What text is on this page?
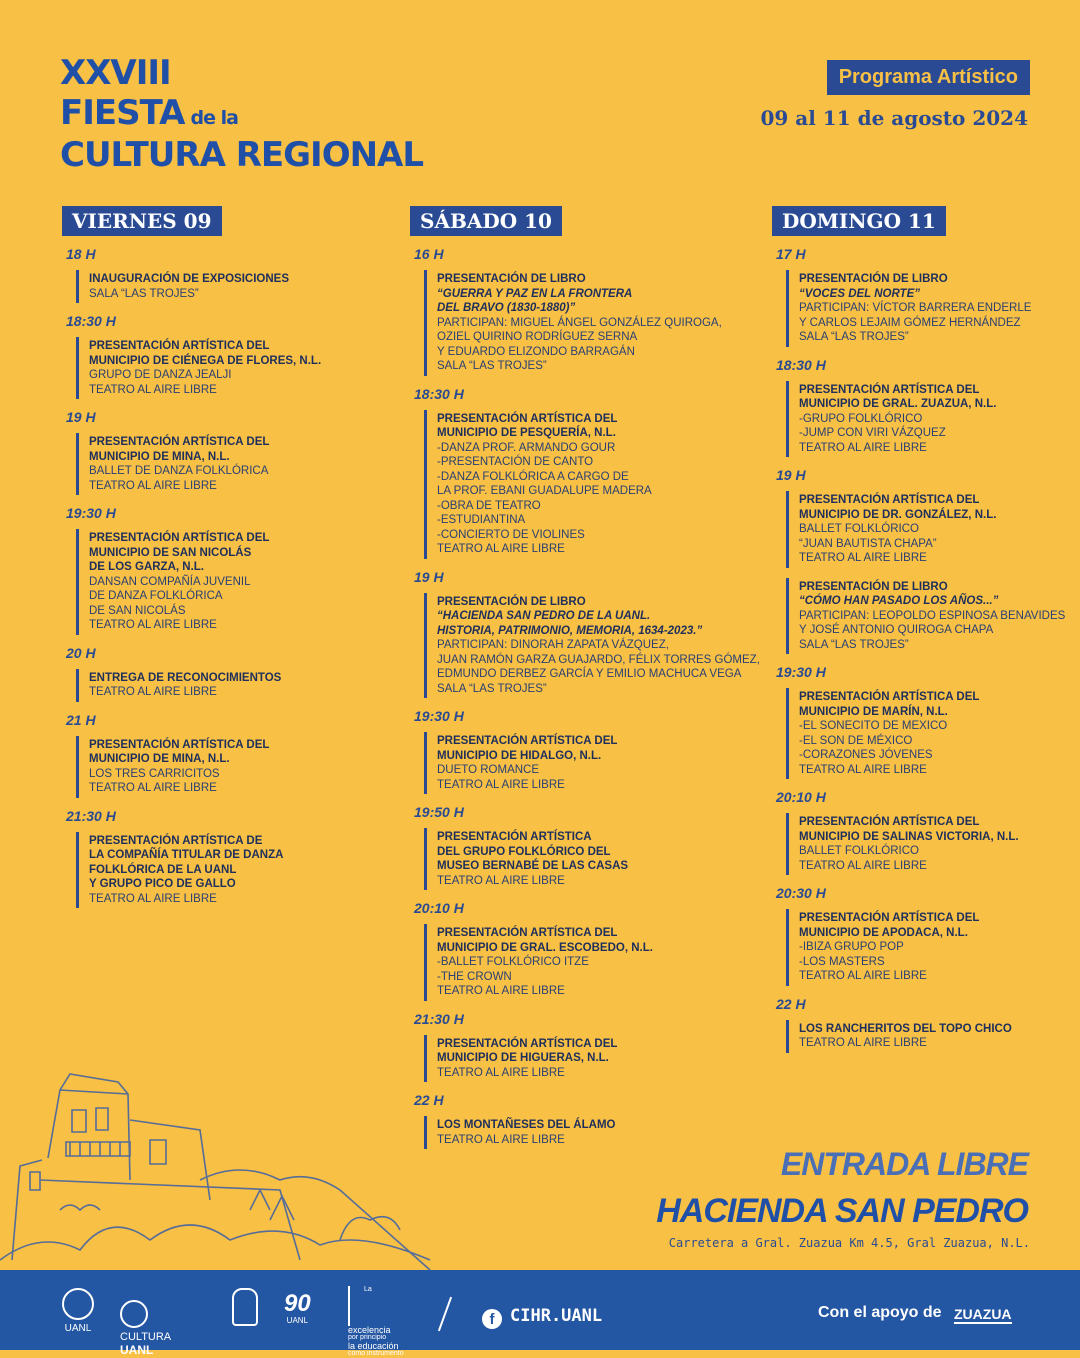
XXVIII
FIESTA de la
CULTURA REGIONAL
Programa Artístico
09 al 11 de agosto 2024
VIERNES 09
18 H
INAUGURACIÓN DE EXPOSICIONES
SALA “LAS TROJES”
18:30 H
PRESENTACIÓN ARTÍSTICA DEL
MUNICIPIO DE CIÉNEGA DE FLORES, N.L.
GRUPO DE DANZA JEALJI
TEATRO AL AIRE LIBRE
19 H
PRESENTACIÓN ARTÍSTICA DEL
MUNICIPIO DE MINA, N.L.
BALLET DE DANZA FOLKLÓRICA
TEATRO AL AIRE LIBRE
19:30 H
PRESENTACIÓN ARTÍSTICA DEL
MUNICIPIO DE SAN NICOLÁS
DE LOS GARZA, N.L.
DANSAN COMPAÑÍA JUVENIL
DE DANZA FOLKLÓRICA
DE SAN NICOLÁS
TEATRO AL AIRE LIBRE
20 H
ENTREGA DE RECONOCIMIENTOS
TEATRO AL AIRE LIBRE
21 H
PRESENTACIÓN ARTÍSTICA DEL
MUNICIPIO DE MINA, N.L.
LOS TRES CARRICITOS
TEATRO AL AIRE LIBRE
21:30 H
PRESENTACIÓN ARTÍSTICA DE
LA COMPAÑÍA TITULAR DE DANZA
FOLKLÓRICA DE LA UANL
Y GRUPO PICO DE GALLO
TEATRO AL AIRE LIBRE
SÁBADO 10
16 H
PRESENTACIÓN DE LIBRO
“GUERRA Y PAZ EN LA FRONTERA
DEL BRAVO (1830-1880)”
PARTICIPAN: MIGUEL ÁNGEL GONZÁLEZ QUIROGA,
OZIEL QUIRINO RODRÍGUEZ SERNA
Y EDUARDO ELIZONDO BARRAGÁN
SALA “LAS TROJES”
18:30 H
PRESENTACIÓN ARTÍSTICA DEL
MUNICIPIO DE PESQUERÍA, N.L.
-DANZA PROF. ARMANDO GOUR
-PRESENTACIÓN DE CANTO
-DANZA FOLKLÓRICA A CARGO DE
LA PROF. EBANI GUADALUPE MADERA
-OBRA DE TEATRO
-ESTUDIANTINA
-CONCIERTO DE VIOLINES
TEATRO AL AIRE LIBRE
19 H
PRESENTACIÓN DE LIBRO
“HACIENDA SAN PEDRO DE LA UANL.
HISTORIA, PATRIMONIO, MEMORIA, 1634-2023.”
PARTICIPAN: DINORAH ZAPATA VÁZQUEZ,
JUAN RAMÓN GARZA GUAJARDO, FÉLIX TORRES GÓMEZ,
EDMUNDO DERBEZ GARCÍA Y EMILIO MACHUCA VEGA
SALA “LAS TROJES”
19:30 H
PRESENTACIÓN ARTÍSTICA DEL
MUNICIPIO DE HIDALGO, N.L.
DUETO ROMANCE
TEATRO AL AIRE LIBRE
19:50 H
PRESENTACIÓN ARTÍSTICA
DEL GRUPO FOLKLÓRICO DEL
MUSEO BERNABÉ DE LAS CASAS
TEATRO AL AIRE LIBRE
20:10 H
PRESENTACIÓN ARTÍSTICA DEL
MUNICIPIO DE GRAL. ESCOBEDO, N.L.
-BALLET FOLKLÓRICO ITZE
-THE CROWN
TEATRO AL AIRE LIBRE
21:30 H
PRESENTACIÓN ARTÍSTICA DEL
MUNICIPIO DE HIGUERAS, N.L.
TEATRO AL AIRE LIBRE
22 H
LOS MONTAÑESES DEL ÁLAMO
TEATRO AL AIRE LIBRE
DOMINGO 11
17 H
PRESENTACIÓN DE LIBRO
“VOCES DEL NORTE”
PARTICIPAN: VÍCTOR BARRERA ENDERLE
Y CARLOS LEJAIM GÓMEZ HERNÁNDEZ
SALA “LAS TROJES”
18:30 H
PRESENTACIÓN ARTÍSTICA DEL
MUNICIPIO DE GRAL. ZUAZUA, N.L.
-GRUPO FOLKLÓRICO
-JUMP CON VIRI VÁZQUEZ
TEATRO AL AIRE LIBRE
19 H
PRESENTACIÓN ARTÍSTICA DEL
MUNICIPIO DE DR. GONZÁLEZ, N.L.
BALLET FOLKLÓRICO
“JUAN BAUTISTA CHAPA”
TEATRO AL AIRE LIBRE
PRESENTACIÓN DE LIBRO
“CÓMO HAN PASADO LOS AÑOS...”
PARTICIPAN: LEOPOLDO ESPINOSA BENAVIDES
Y JOSÉ ANTONIO QUIROGA CHAPA
SALA “LAS TROJES”
19:30 H
PRESENTACIÓN ARTÍSTICA DEL
MUNICIPIO DE MARÍN, N.L.
-EL SONECITO DE MEXICO
-EL SON DE MÉXICO
-CORAZONES JÓVENES
TEATRO AL AIRE LIBRE
20:10 H
PRESENTACIÓN ARTÍSTICA DEL
MUNICIPIO DE SALINAS VICTORIA, N.L.
BALLET FOLKLÓRICO
TEATRO AL AIRE LIBRE
20:30 H
PRESENTACIÓN ARTÍSTICA DEL
MUNICIPIO DE APODACA, N.L.
-IBIZA GRUPO POP
-LOS MASTERS
TEATRO AL AIRE LIBRE
22 H
LOS RANCHERITOS DEL TOPO CHICO
TEATRO AL AIRE LIBRE
ENTRADA LIBRE
HACIENDA SAN PEDRO
Carretera a Gral. Zuazua Km 4.5, Gral Zuazua, N.L.
UANL
CULTURA
UANL
90
UANL
La
excelencia
por principio
la educación
como instrumento
f CIHR.UANL	Con el apoyo de ZUAZUA
